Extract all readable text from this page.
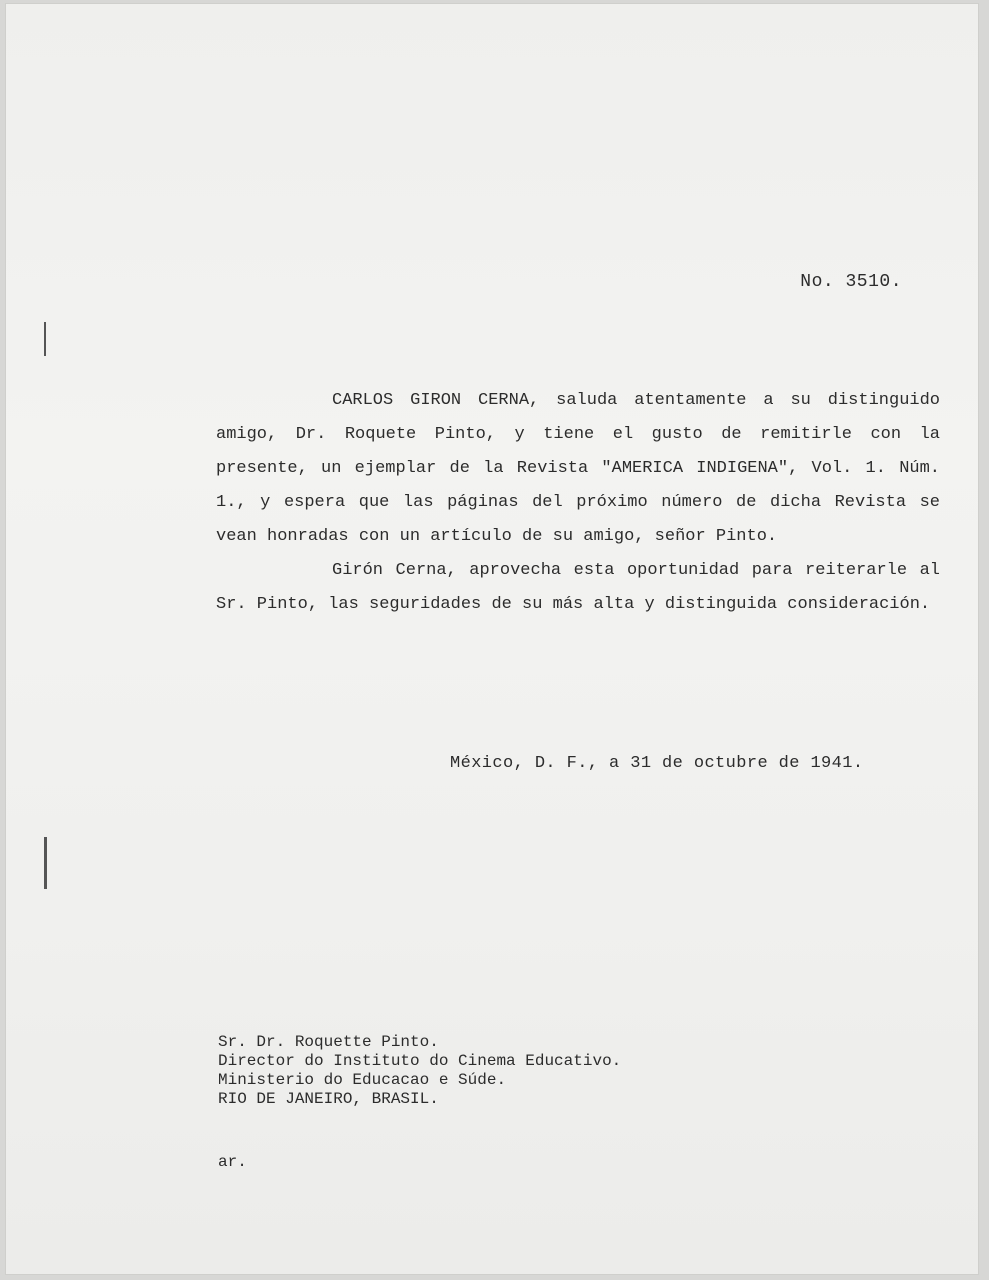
No. 3510.

CARLOS GIRON CERNA, saluda atentamente a su distinguido amigo, Dr. Roquete Pinto, y tiene el gusto de remitirle con la presente, un ejemplar de la Revista "AMERICA INDIGENA", Vol. 1. Núm. 1., y espera que las páginas del próximo número de dicha Revista se vean honradas con un artículo de su amigo, señor Pinto.

Girón Cerna, aprovecha esta oportunidad para reiterarle al Sr. Pinto, las seguridades de su más alta y distinguida consideración.

México, D. F., a 31 de octubre de 1941.
Sr. Dr. Roquette Pinto.
Director do Instituto do Cinema Educativo.
Ministerio do Educacao e Súde.
RIO DE JANEIRO, BRASIL.
ar.
